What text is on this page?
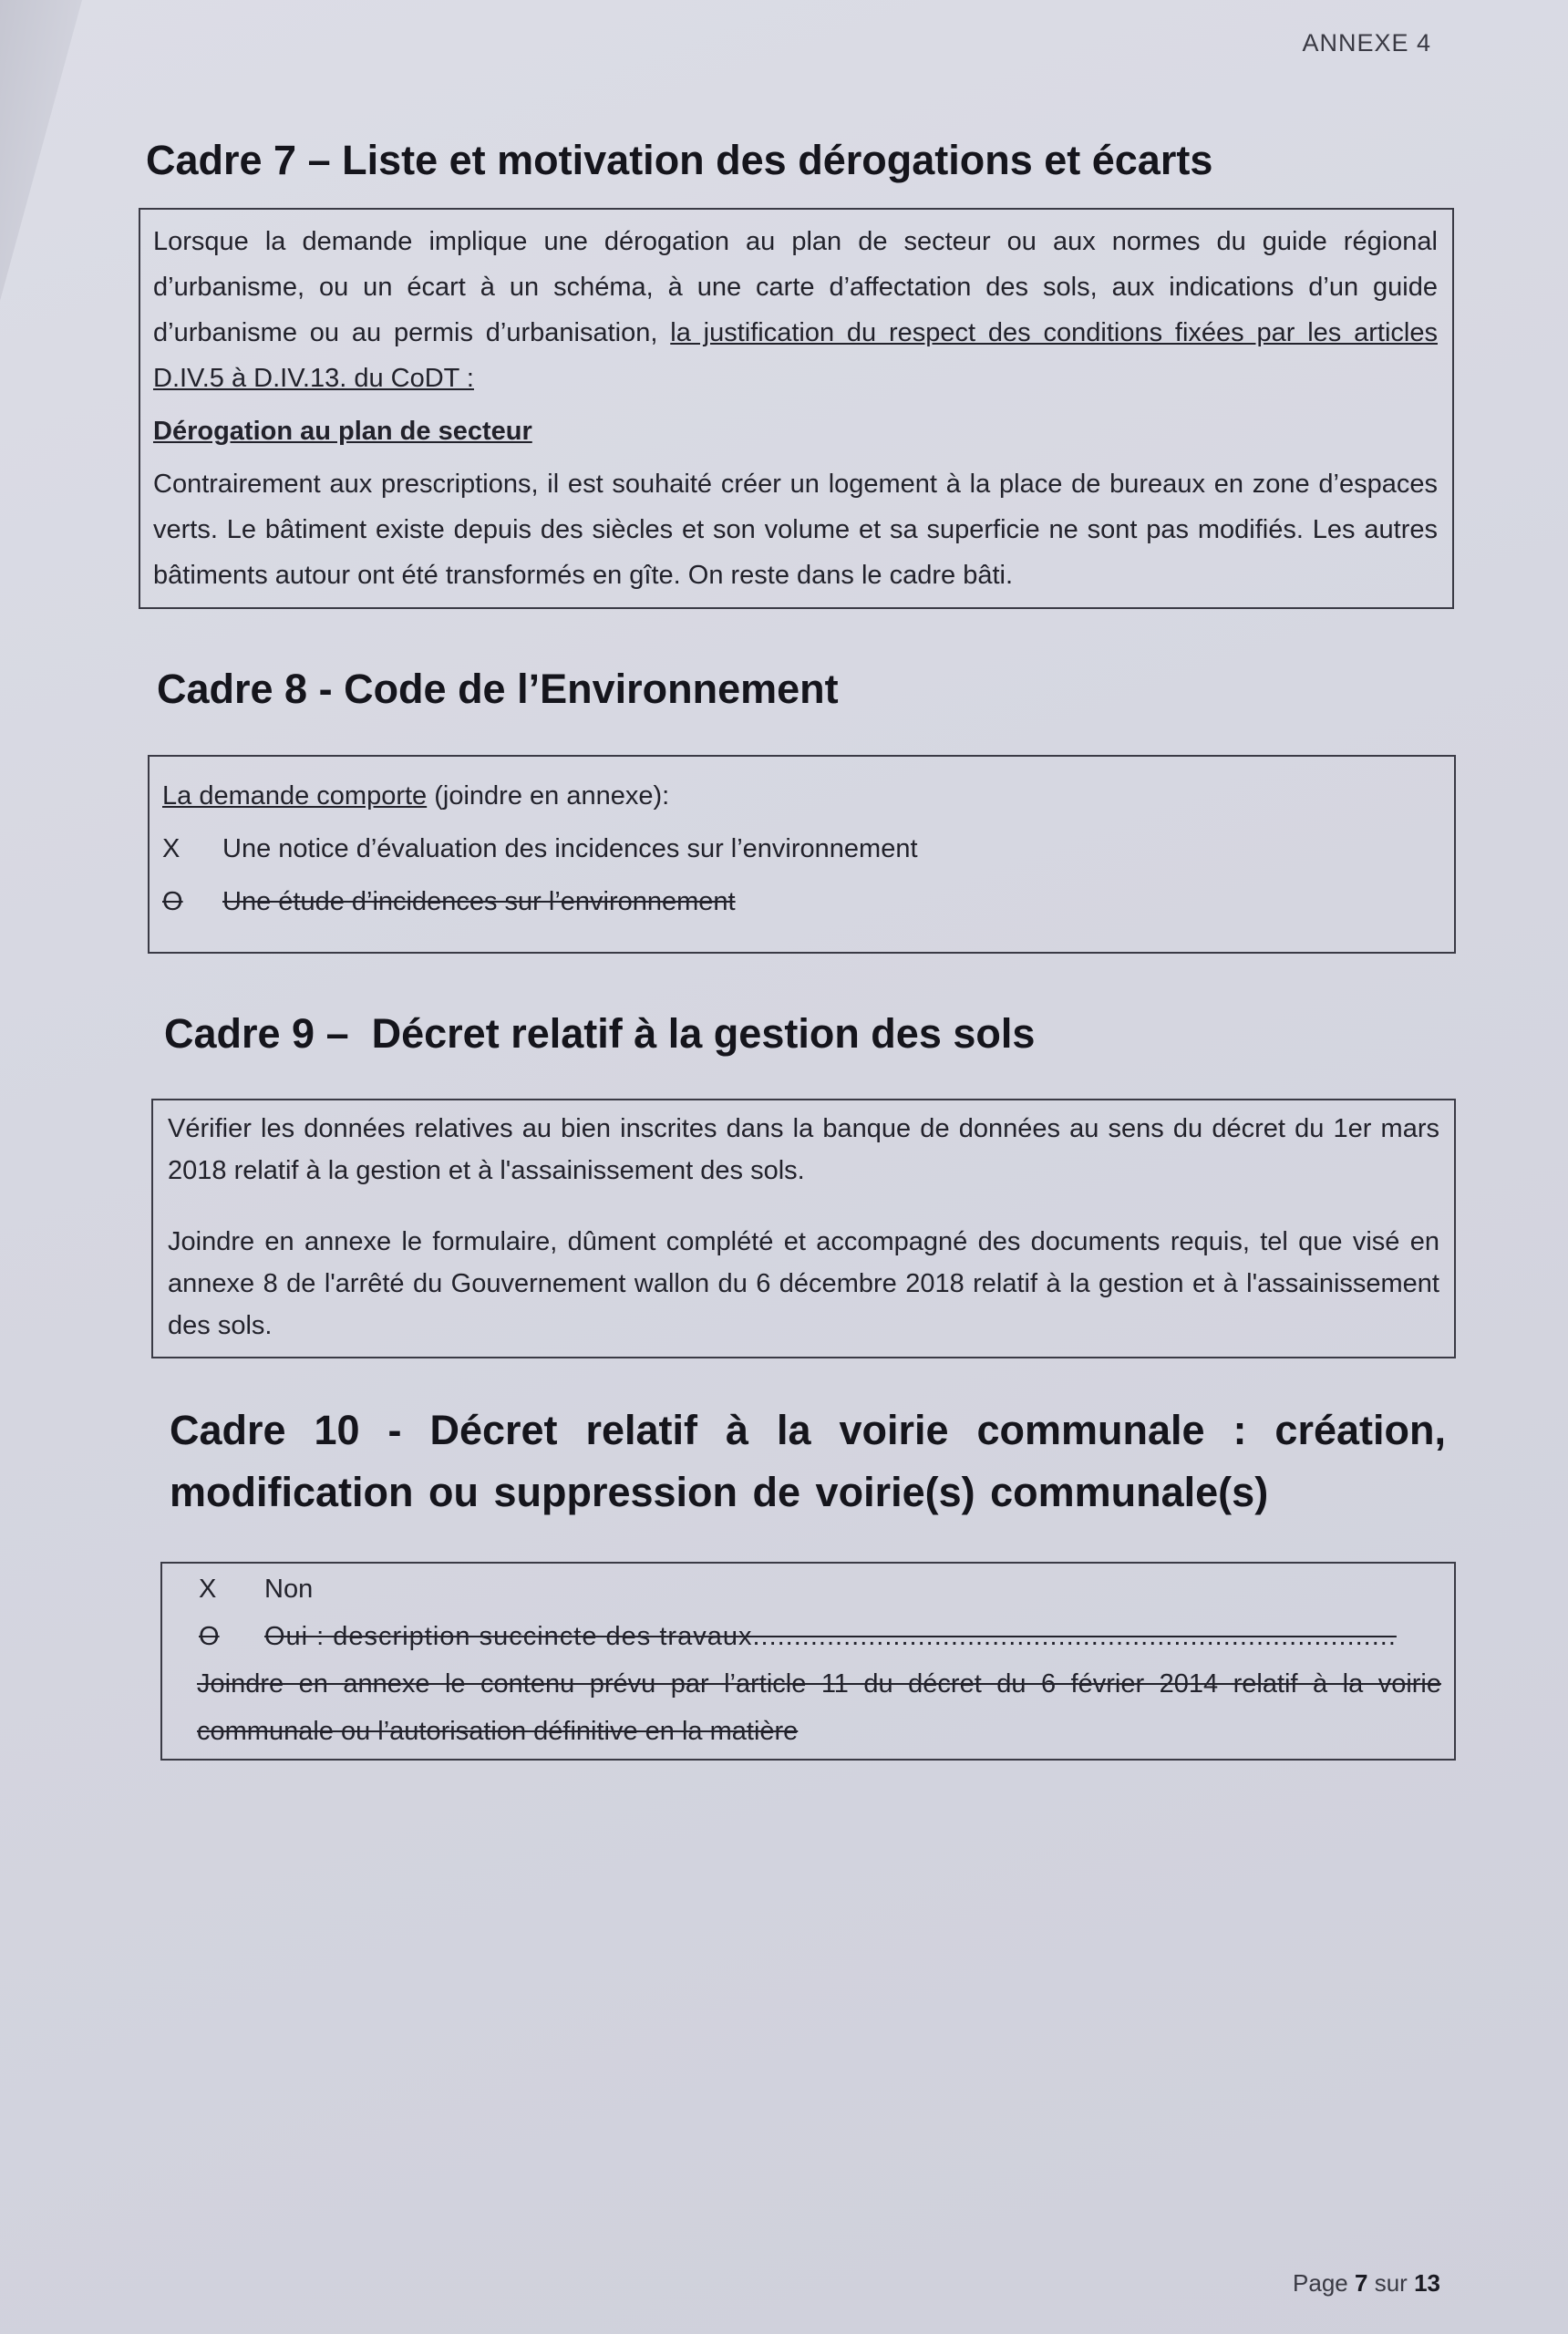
ANNEXE 4
Cadre 7 – Liste et motivation des dérogations et écarts
Lorsque la demande implique une dérogation au plan de secteur ou aux normes du guide régional d’urbanisme, ou un écart à un schéma, à une carte d’affectation des sols, aux indications d’un guide d’urbanisme ou au permis d’urbanisation, la justification du respect des conditions fixées par les articles D.IV.5 à D.IV.13. du CoDT :
Dérogation au plan de secteur
Contrairement aux prescriptions, il est souhaité créer un logement à la place de bureaux en zone d’espaces verts. Le bâtiment existe depuis des siècles et son volume et sa superficie ne sont pas modifiés. Les autres bâtiments autour ont été transformés en gîte. On reste dans le cadre bâti.
Cadre 8 - Code de l’Environnement
La demande comporte (joindre en annexe):
X	Une notice d’évaluation des incidences sur l’environnement
O	Une étude d’incidences sur l’environnement
Cadre 9 –  Décret relatif à la gestion des sols
Vérifier les données relatives au bien inscrites dans la banque de données au sens du décret du 1er mars 2018 relatif à la gestion et à l'assainissement des sols.
Joindre en annexe le formulaire, dûment complété et accompagné des documents requis, tel que visé en annexe 8 de l'arrêté du Gouvernement wallon du 6 décembre 2018 relatif à la gestion et à l'assainissement des sols.
Cadre 10 - Décret relatif à la voirie communale : création, modification ou suppression de voirie(s) communale(s)
X	Non
O	Oui : description succincte des travaux..............................................................................
Joindre en annexe le contenu prévu par l’article 11 du décret du 6 février 2014 relatif à la voirie communale ou l’autorisation définitive en la matière
Page 7 sur 13
